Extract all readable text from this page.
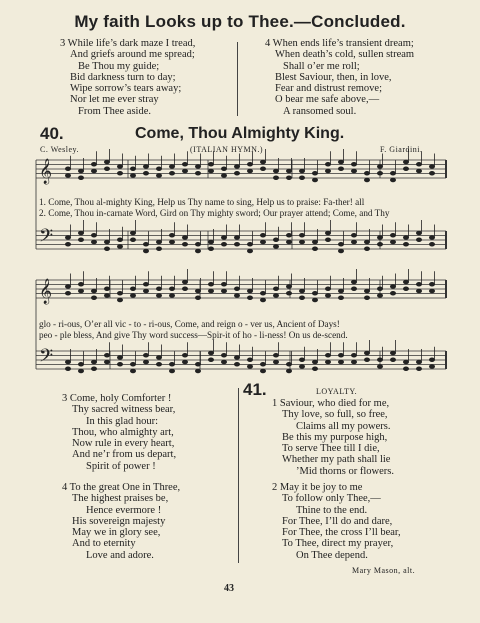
My faith Looks up to Thee.—Concluded.
3 While life’s dark maze I tread,
And griefs around me spread;
Be Thou my guide;
Bid darkness turn to day;
Wipe sorrow’s tears away;
Nor let me ever stray
From Thee aside.
4 When ends life’s transient dream;
When death’s cold, sullen stream
Shall o’er me roll;
Blest Saviour, then, in love,
Fear and distrust remove;
O bear me safe above,—
A ransomed soul.
40.	Come, Thou Almighty King.
C. Wesley.	(ITALIAN HYMN.)	F. Giardini.
𝄞
𝄢
𝄞
𝄢
1. Come, Thou al-mighty King, Help us Thy name to sing, Help us to praise: Fa-ther! all
2. Come, Thou in-carnate Word, Gird on Thy mighty sword; Our prayer attend; Come, and Thy
glo - ri-ous, O’er all vic - to - ri-ous, Come, and reign o - ver us, Ancient of Days!
peo - ple bless, And give Thy word success—Spir-it of ho - li-ness! On us de-scend.
3 Come, holy Comforter !
Thy sacred witness bear,
In this glad hour:
Thou, who almighty art,
Now rule in every heart,
And ne’r from us depart,
Spirit of power !
4 To the great One in Three,
The highest praises be,
Hence evermore !
His sovereign majesty
May we in glory see,
And to eternity
Love and adore.
41.	LOYALTY.
1 Saviour, who died for me,
Thy love, so full, so free,
Claims all my powers.
Be this my purpose high,
To serve Thee till I die,
Whether my path shall lie
’Mid thorns or flowers.
2 May it be joy to me
To follow only Thee,—
Thine to the end.
For Thee, I’ll do and dare,
For Thee, the cross I’ll bear,
To Thee, direct my prayer,
On Thee depend.
Mary Mason, alt.
43
